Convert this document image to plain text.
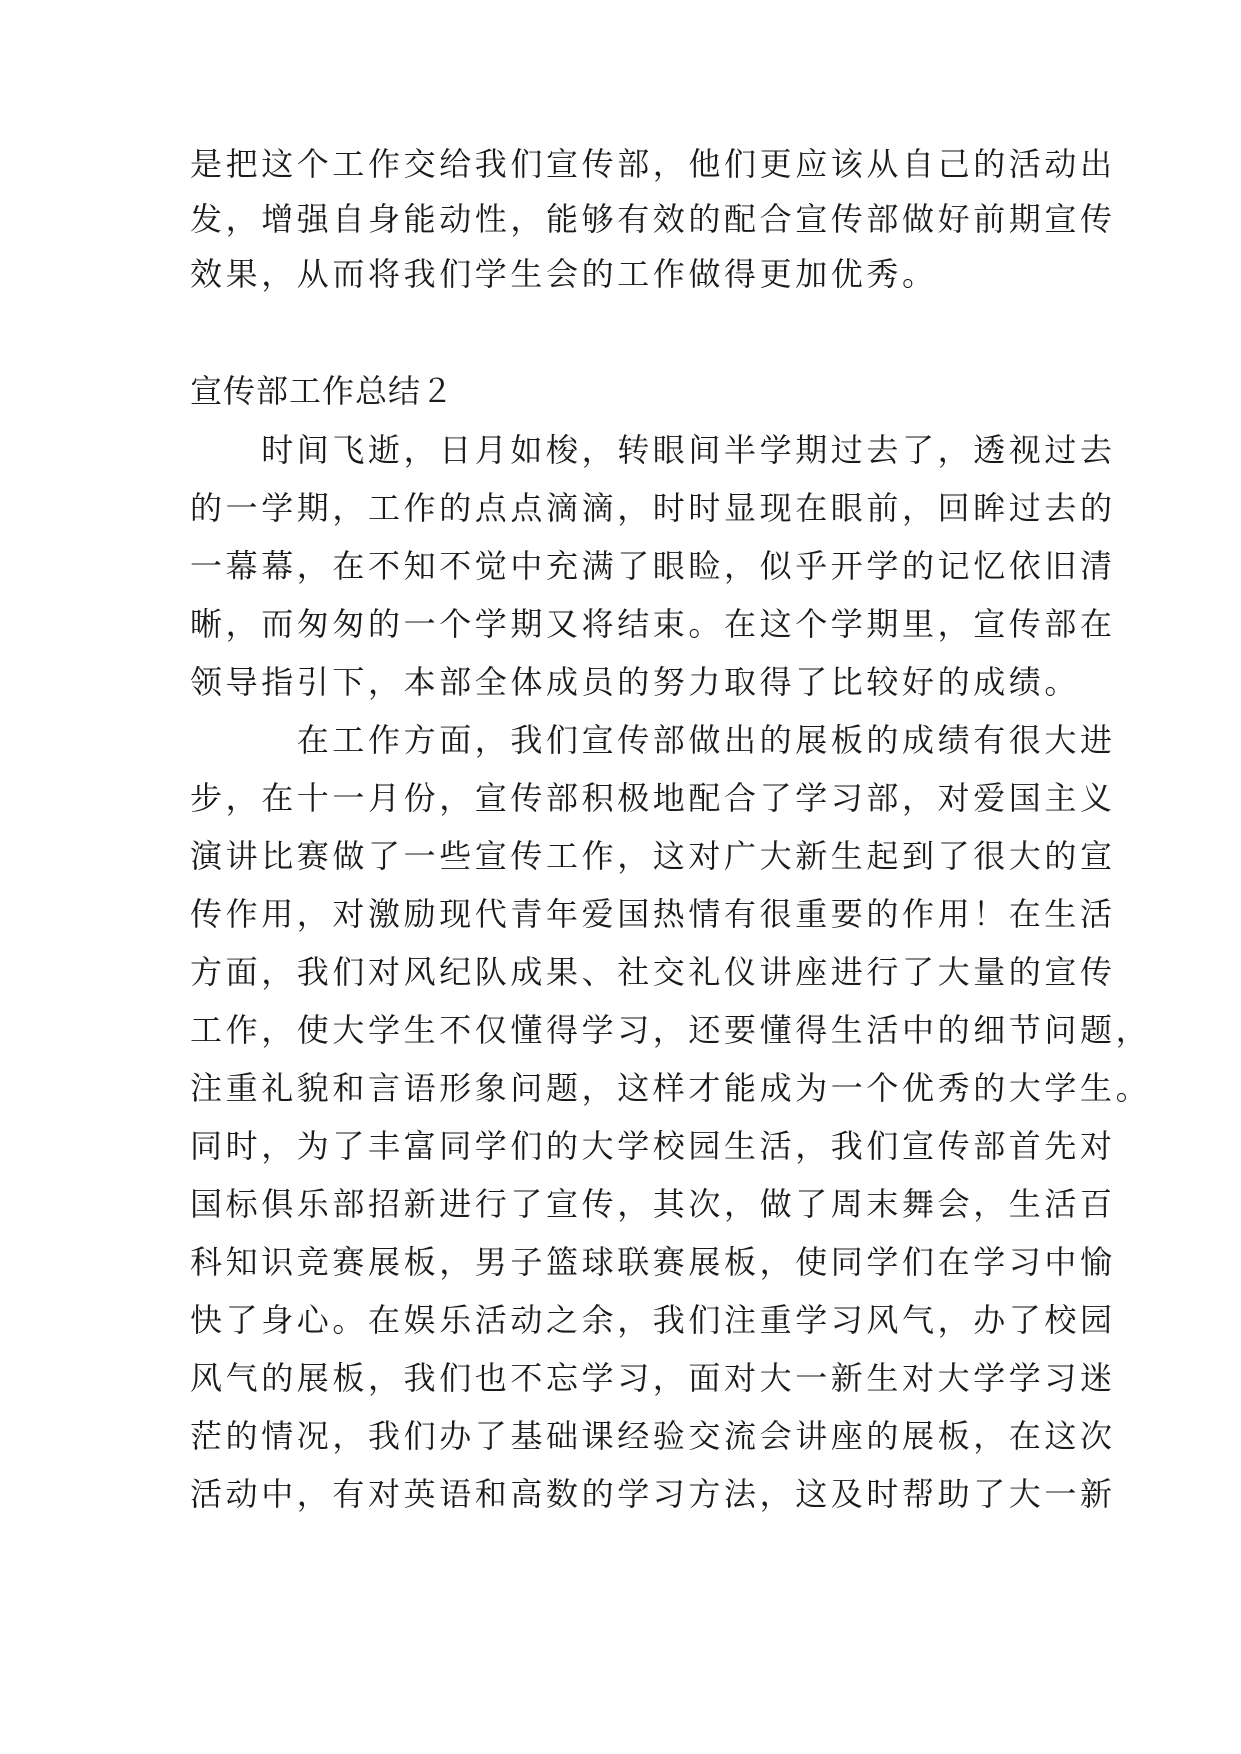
是把这个工作交给我们宣传部，他们更应该从自己的活动出
发，增强自身能动性，能够有效的配合宣传部做好前期宣传
效果，从而将我们学生会的工作做得更加优秀。
宣传部工作总结２
　　时间飞逝，日月如梭，转眼间半学期过去了，透视过去
的一学期，工作的点点滴滴，时时显现在眼前，回眸过去的
一幕幕，在不知不觉中充满了眼睑，似乎开学的记忆依旧清
晰，而匆匆的一个学期又将结束。在这个学期里，宣传部在
领导指引下，本部全体成员的努力取得了比较好的成绩。
　　　在工作方面，我们宣传部做出的展板的成绩有很大进
步，在十一月份，宣传部积极地配合了学习部，对爱国主义
演讲比赛做了一些宣传工作，这对广大新生起到了很大的宣
传作用，对激励现代青年爱国热情有很重要的作用！在生活
方面，我们对风纪队成果、社交礼仪讲座进行了大量的宣传
工作，使大学生不仅懂得学习，还要懂得生活中的细节问题，
注重礼貌和言语形象问题，这样才能成为一个优秀的大学生。
同时，为了丰富同学们的大学校园生活，我们宣传部首先对
国标俱乐部招新进行了宣传，其次，做了周末舞会，生活百
科知识竞赛展板，男子篮球联赛展板，使同学们在学习中愉
快了身心。在娱乐活动之余，我们注重学习风气，办了校园
风气的展板，我们也不忘学习，面对大一新生对大学学习迷
茫的情况，我们办了基础课经验交流会讲座的展板，在这次
活动中，有对英语和高数的学习方法，这及时帮助了大一新
